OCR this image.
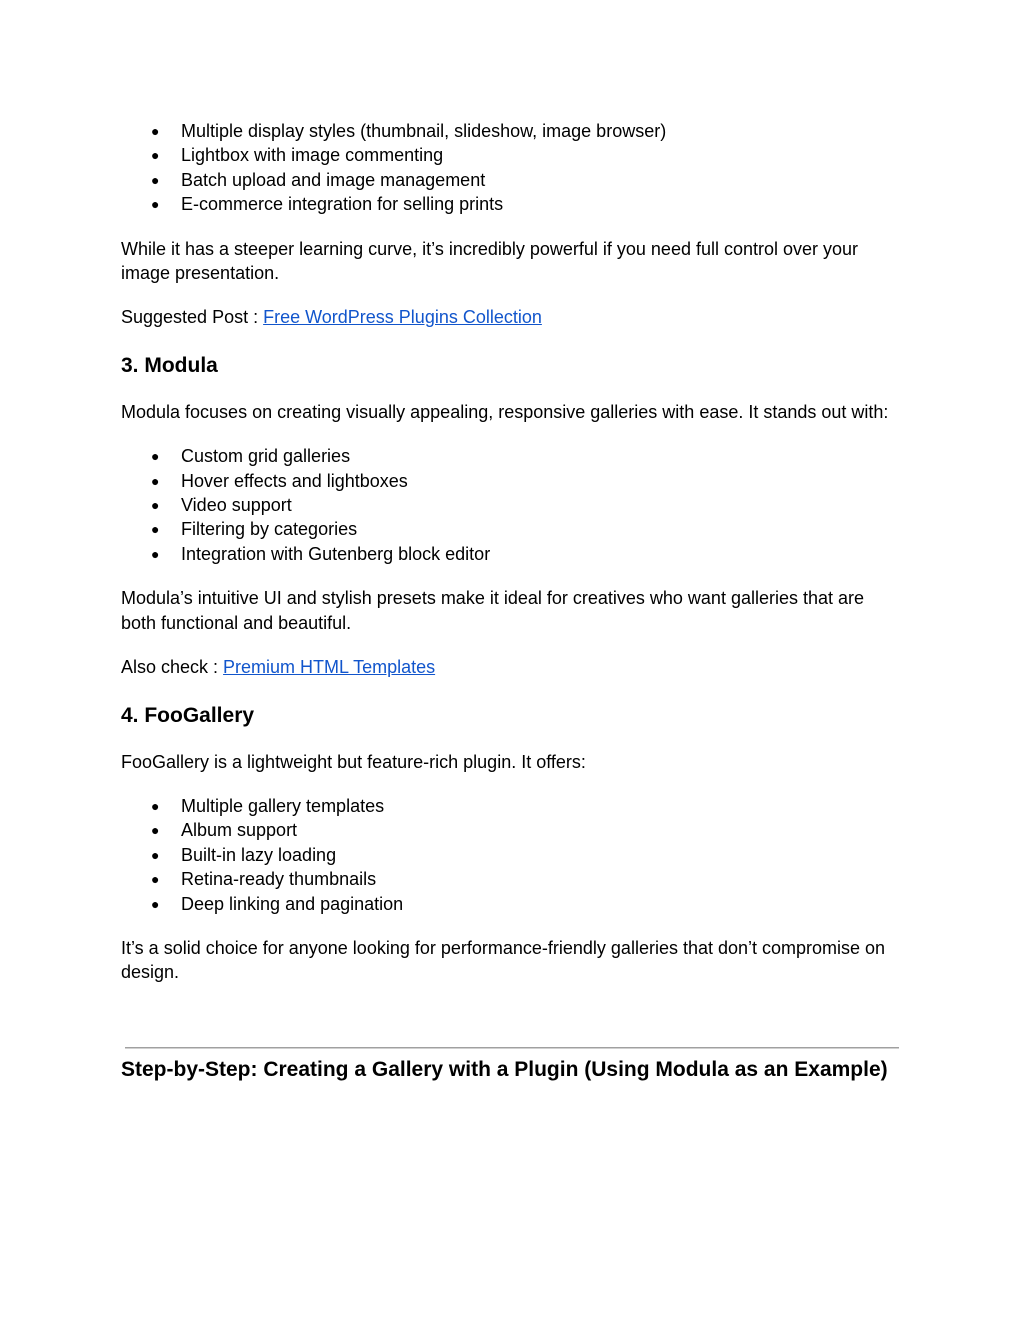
● Multiple display styles (thumbnail, slideshow, image browser)
● Lightbox with image commenting
● Batch upload and image management
● E-commerce integration for selling prints

While it has a steeper learning curve, it’s incredibly powerful if you need full control over your image presentation.

Suggested Post : Free WordPress Plugins Collection

3. Modula

Modula focuses on creating visually appealing, responsive galleries with ease. It stands out with:

● Custom grid galleries
● Hover effects and lightboxes
● Video support
● Filtering by categories
● Integration with Gutenberg block editor

Modula’s intuitive UI and stylish presets make it ideal for creatives who want galleries that are both functional and beautiful.

Also check : Premium HTML Templates

4. FooGallery

FooGallery is a lightweight but feature-rich plugin. It offers:

● Multiple gallery templates
● Album support
● Built-in lazy loading
● Retina-ready thumbnails
● Deep linking and pagination

It’s a solid choice for anyone looking for performance-friendly galleries that don’t compromise on design.

Step-by-Step: Creating a Gallery with a Plugin (Using Modula as an Example)
